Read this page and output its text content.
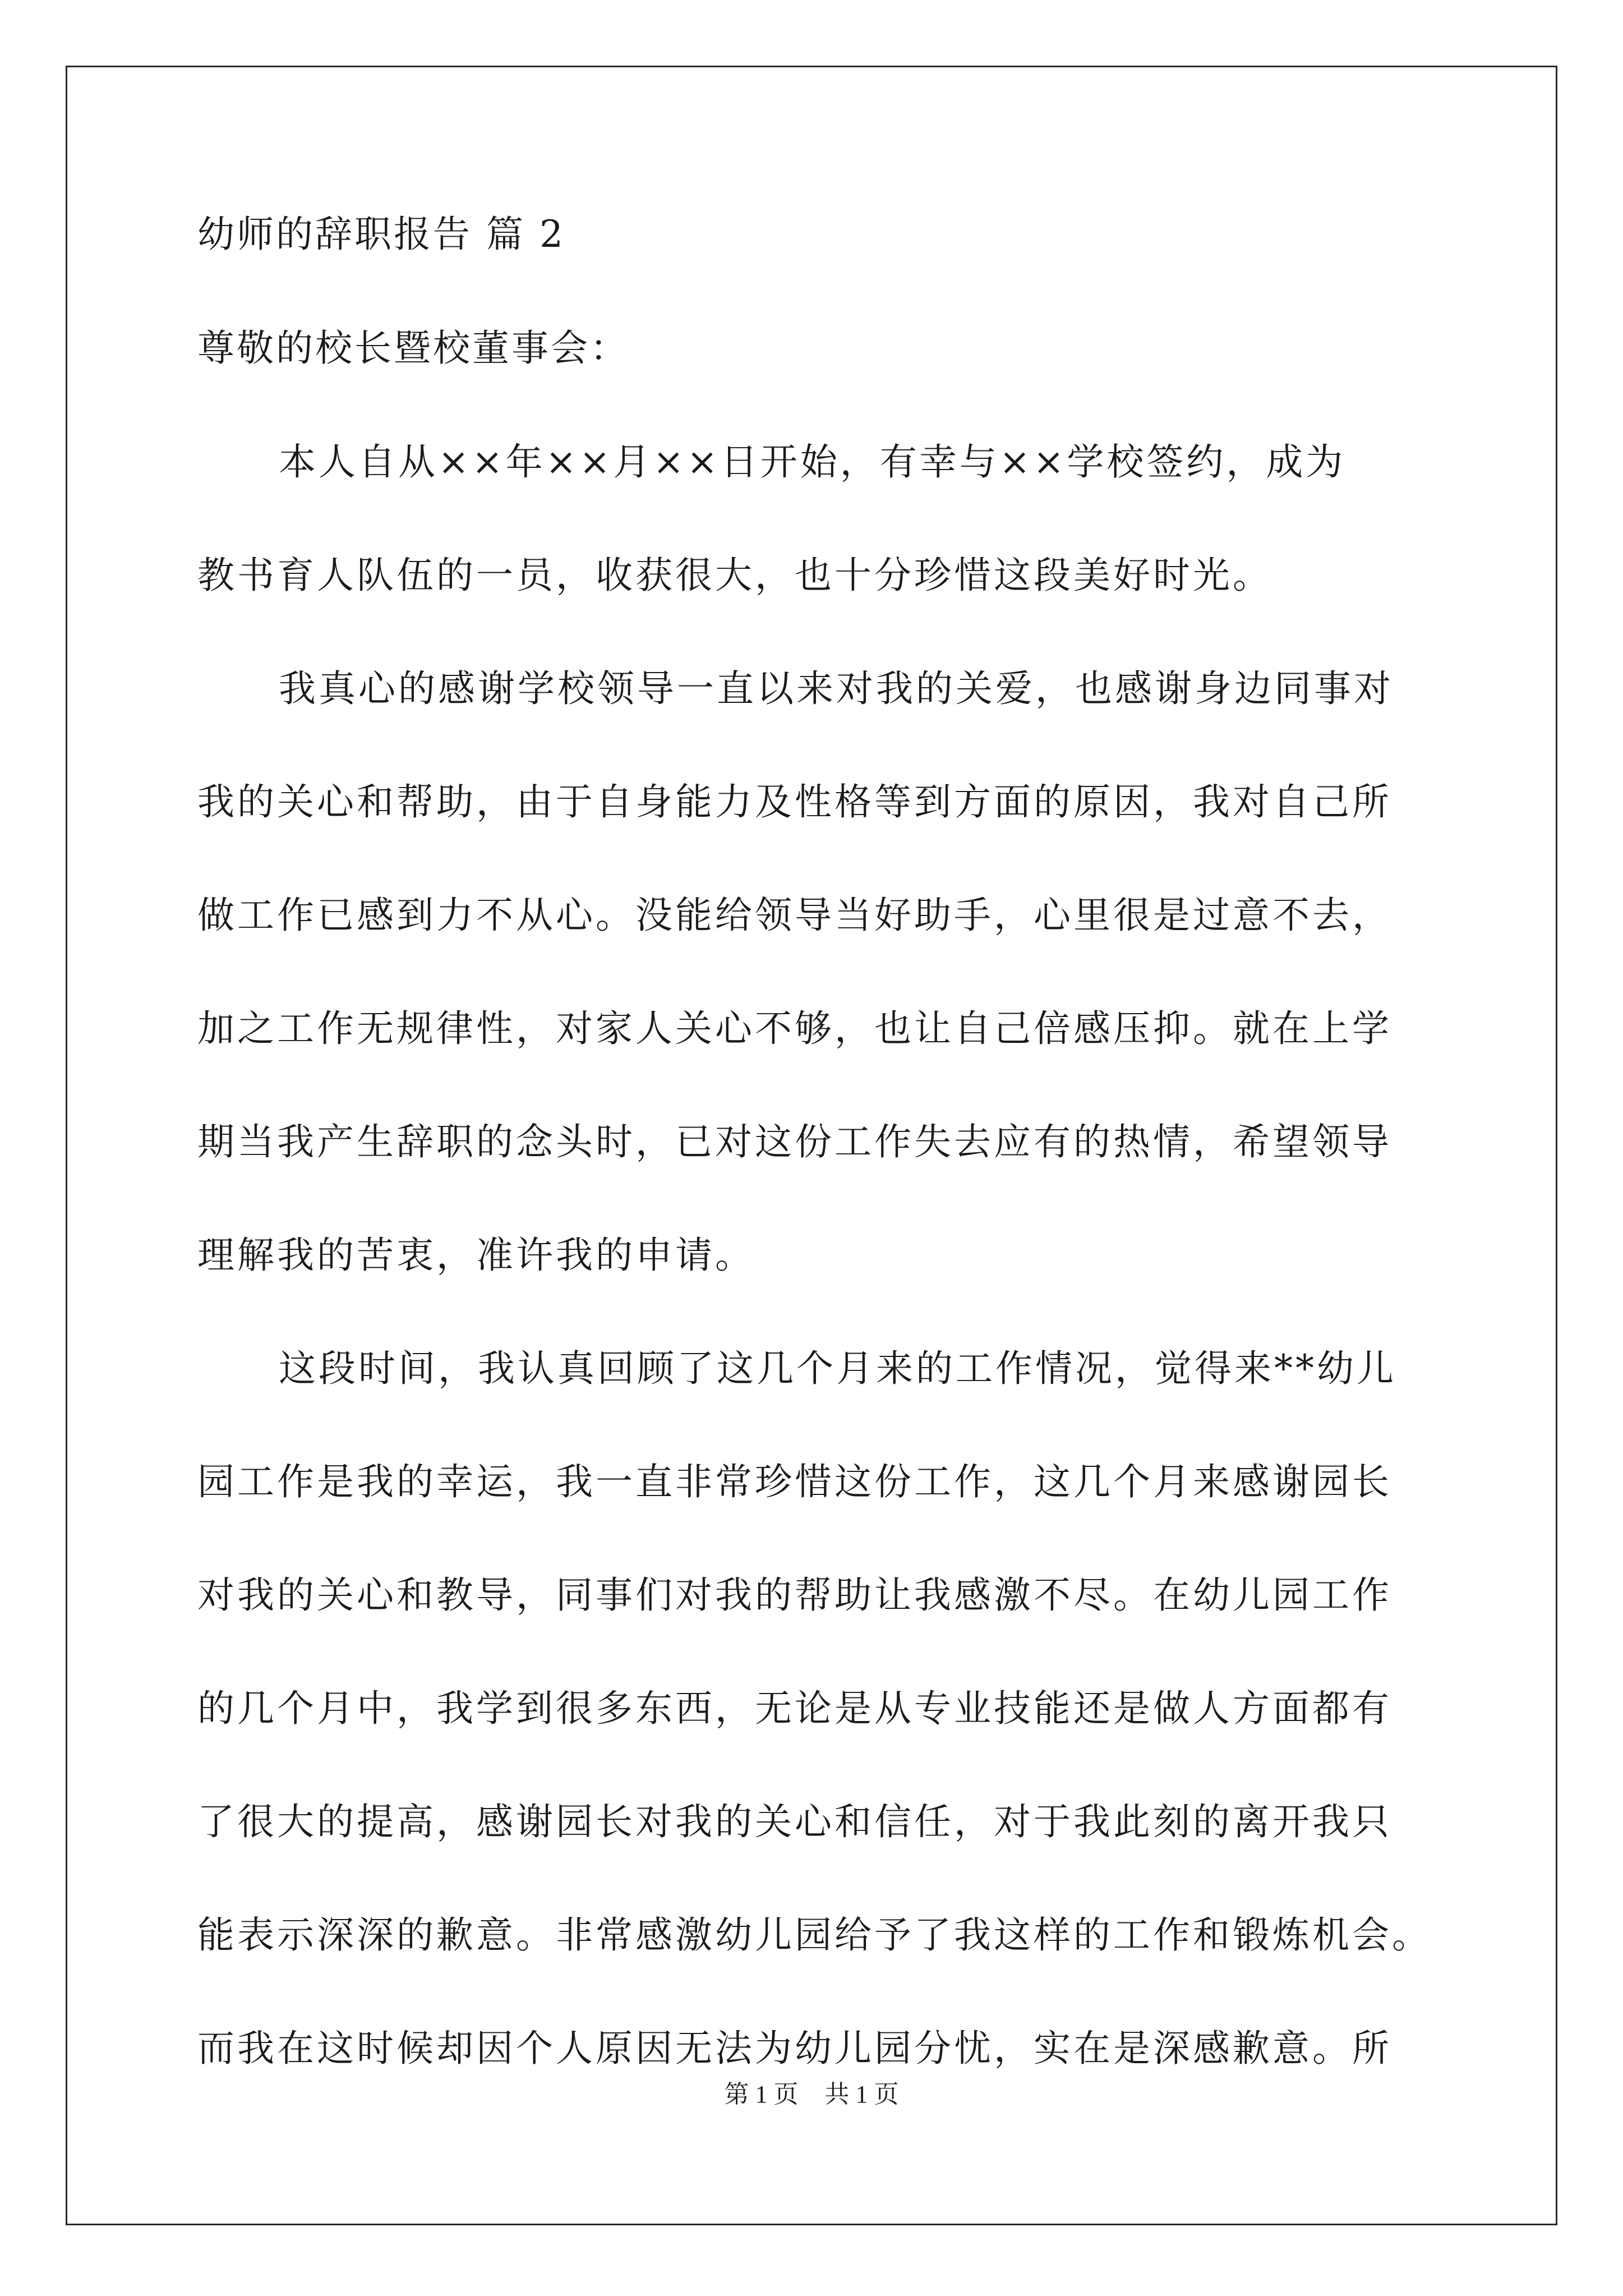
幼师的辞职报告 篇 2
尊敬的校长暨校董事会：
本人自从××年××月××日开始，有幸与××学校签约，成为
教书育人队伍的一员，收获很大，也十分珍惜这段美好时光。
我真心的感谢学校领导一直以来对我的关爱，也感谢身边同事对
我的关心和帮助，由于自身能力及性格等到方面的原因，我对自己所
做工作已感到力不从心。没能给领导当好助手，心里很是过意不去，
加之工作无规律性，对家人关心不够，也让自己倍感压抑。就在上学
期当我产生辞职的念头时，已对这份工作失去应有的热情，希望领导
理解我的苦衷，准许我的申请。
这段时间，我认真回顾了这几个月来的工作情况，觉得来**幼儿
园工作是我的幸运，我一直非常珍惜这份工作，这几个月来感谢园长
对我的关心和教导，同事们对我的帮助让我感激不尽。在幼儿园工作
的几个月中，我学到很多东西，无论是从专业技能还是做人方面都有
了很大的提高，感谢园长对我的关心和信任，对于我此刻的离开我只
能表示深深的歉意。非常感激幼儿园给予了我这样的工作和锻炼机会。
而我在这时候却因个人原因无法为幼儿园分忧，实在是深感歉意。所
第 1 页 共 1 页
